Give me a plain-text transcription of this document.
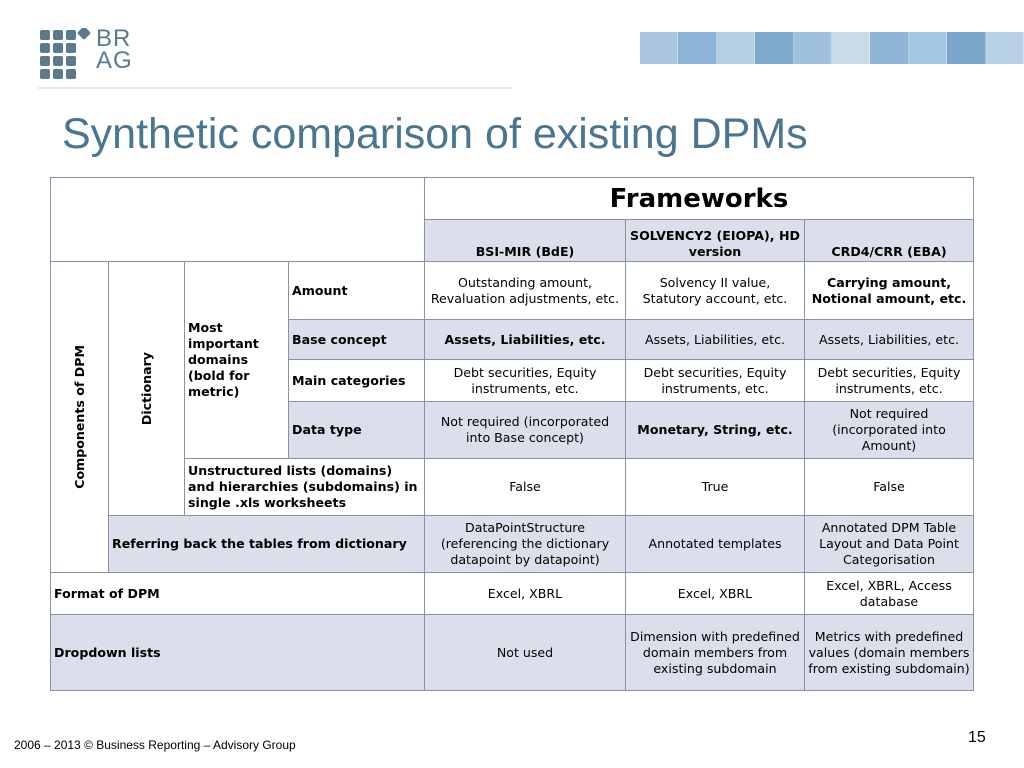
BR
AG
Synthetic comparison of existing DPMs
				Frameworks		
				BSI-MIR (BdE)	SOLVENCY2 (EIOPA), HD version	CRD4/CRR (EBA)

Components of DPM	Dictionary	Most important domains (bold for metric)	Amount	Outstanding amount, Revaluation adjustments, etc.	Solvency II value, Statutory account, etc.	Carrying amount, Notional amount, etc.
			Base concept	Assets, Liabilities, etc.	Assets, Liabilities, etc.	Assets, Liabilities, etc.
			Main categories	Debt securities, Equity instruments, etc.	Debt securities, Equity instruments, etc.	Debt securities, Equity instruments, etc.
			Data type	Not required (incorporated into Base concept)	Monetary, String, etc.	Not required (incorporated into Amount)
		Unstructured lists (domains) and hierarchies (subdomains) in single .xls worksheets		False	True	False
	Referring back the tables from dictionary			DataPointStructure (referencing the dictionary datapoint by datapoint)	Annotated templates	Annotated DPM Table Layout and Data Point Categorisation
Format of DPM				Excel, XBRL	Excel, XBRL	Excel, XBRL, Access database
Dropdown lists				Not used	Dimension with predefined domain members from existing subdomain	Metrics with predefined values (domain members from existing subdomain)
2006 – 2013 © Business Reporting – Advisory Group	15
